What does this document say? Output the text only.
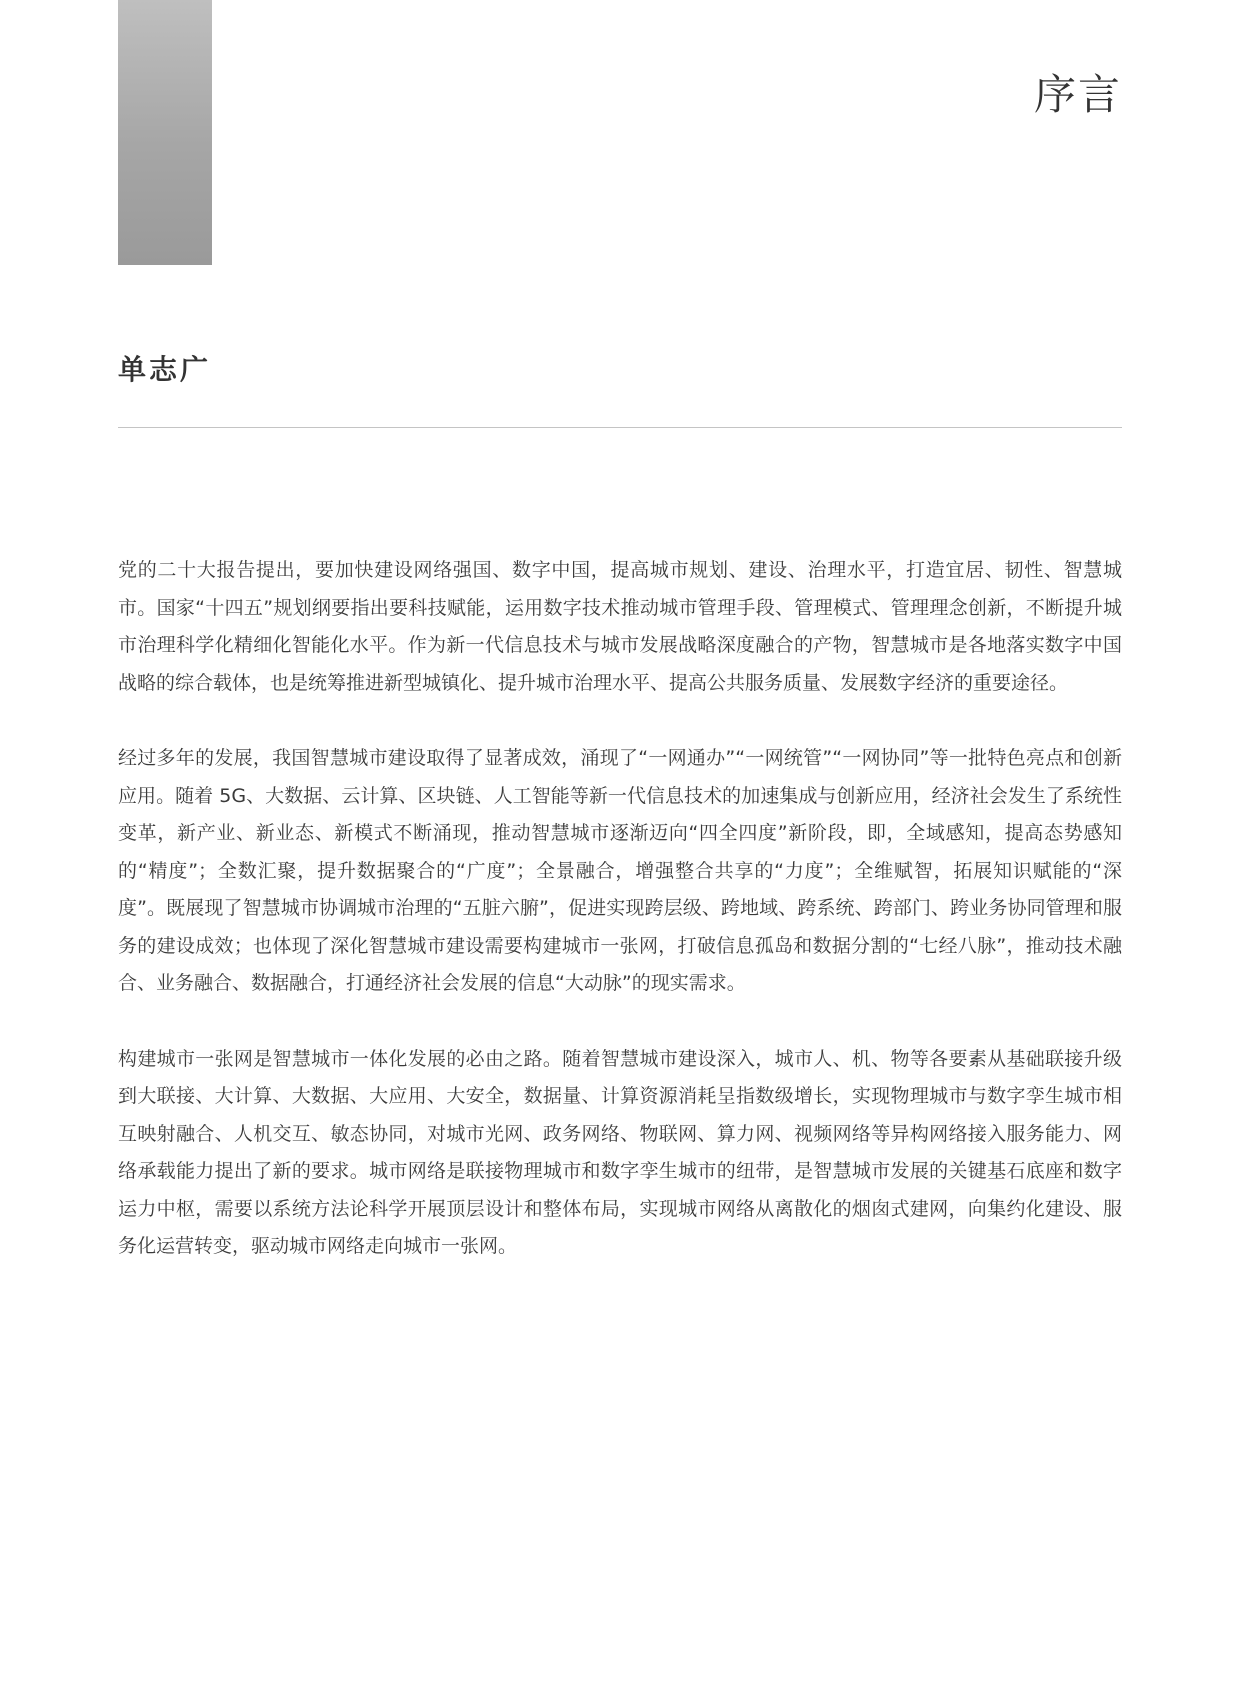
序言
单志广

党的二十大报告提出，要加快建设网络强国、数字中国，提高城市规划、建设、治理水平，打造宜居、韧性、智慧城市。国家“十四五”规划纲要指出要科技赋能，运用数字技术推动城市管理手段、管理模式、管理理念创新，不断提升城市治理科学化精细化智能化水平。作为新一代信息技术与城市发展战略深度融合的产物，智慧城市是各地落实数字中国战略的综合载体，也是统筹推进新型城镇化、提升城市治理水平、提高公共服务质量、发展数字经济的重要途径。

经过多年的发展，我国智慧城市建设取得了显著成效，涌现了“一网通办”“一网统管”“一网协同”等一批特色亮点和创新应用。随着 5G、大数据、云计算、区块链、人工智能等新一代信息技术的加速集成与创新应用，经济社会发生了系统性变革，新产业、新业态、新模式不断涌现，推动智慧城市逐渐迈向“四全四度”新阶段，即，全域感知，提高态势感知的“精度”；全数汇聚，提升数据聚合的“广度”；全景融合，增强整合共享的“力度”；全维赋智，拓展知识赋能的“深度”。既展现了智慧城市协调城市治理的“五脏六腑”，促进实现跨层级、跨地域、跨系统、跨部门、跨业务协同管理和服务的建设成效；也体现了深化智慧城市建设需要构建城市一张网，打破信息孤岛和数据分割的“七经八脉”，推动技术融合、业务融合、数据融合，打通经济社会发展的信息“大动脉”的现实需求。

构建城市一张网是智慧城市一体化发展的必由之路。随着智慧城市建设深入，城市人、机、物等各要素从基础联接升级到大联接、大计算、大数据、大应用、大安全，数据量、计算资源消耗呈指数级增长，实现物理城市与数字孪生城市相互映射融合、人机交互、敏态协同，对城市光网、政务网络、物联网、算力网、视频网络等异构网络接入服务能力、网络承载能力提出了新的要求。城市网络是联接物理城市和数字孪生城市的纽带，是智慧城市发展的关键基石底座和数字运力中枢，需要以系统方法论科学开展顶层设计和整体布局，实现城市网络从离散化的烟囱式建网，向集约化建设、服务化运营转变，驱动城市网络走向城市一张网。
